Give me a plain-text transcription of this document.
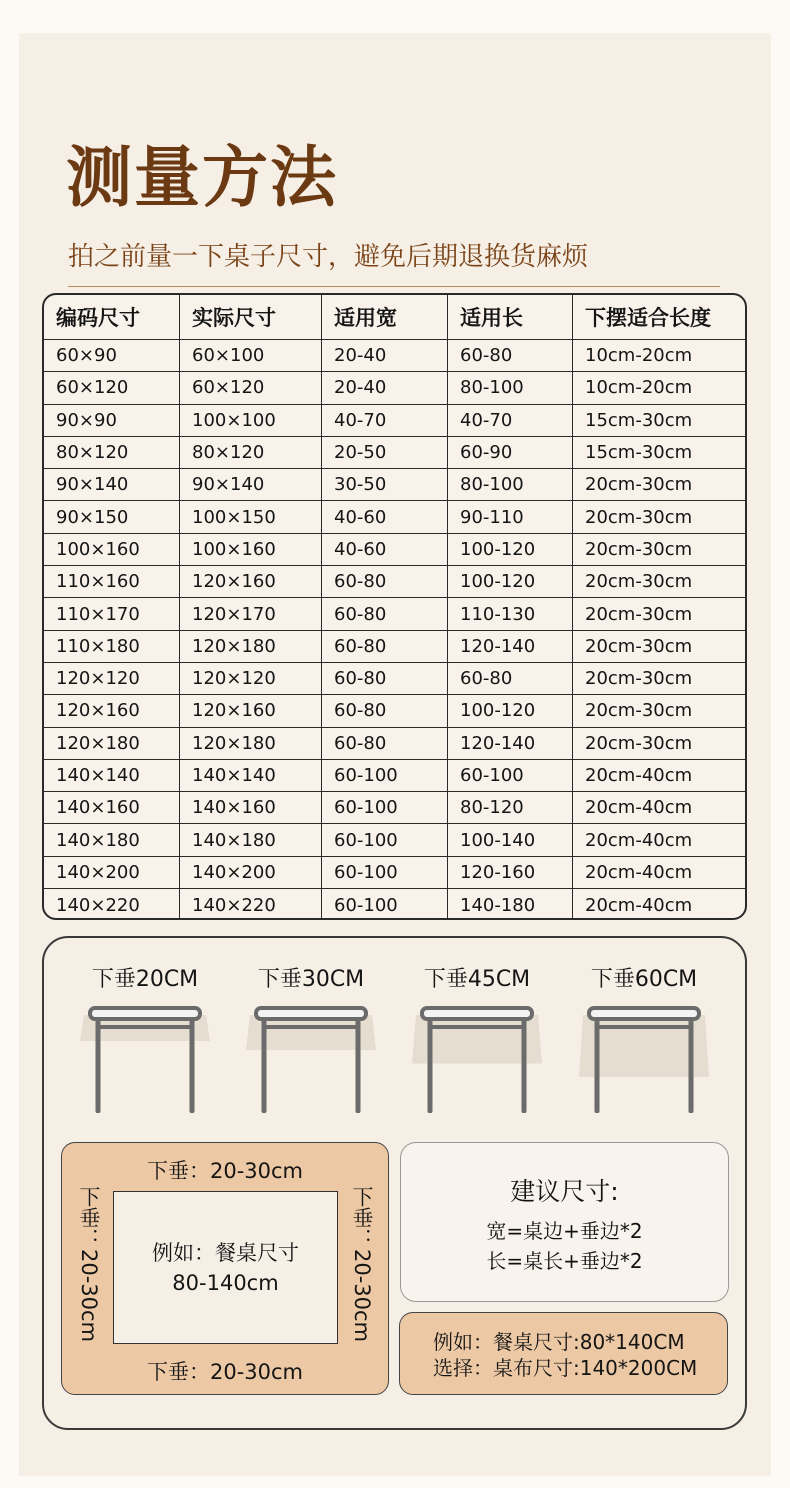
测量方法
拍之前量一下桌子尺寸，避免后期退换货麻烦
编码尺寸	实际尺寸	适用宽	适用长	下摆适合长度
60×90	60×100	20-40	60-80	10cm-20cm
60×120	60×120	20-40	80-100	10cm-20cm
90×90	100×100	40-70	40-70	15cm-30cm
80×120	80×120	20-50	60-90	15cm-30cm
90×140	90×140	30-50	80-100	20cm-30cm
90×150	100×150	40-60	90-110	20cm-30cm
100×160	100×160	40-60	100-120	20cm-30cm
110×160	120×160	60-80	100-120	20cm-30cm
110×170	120×170	60-80	110-130	20cm-30cm
110×180	120×180	60-80	120-140	20cm-30cm
120×120	120×120	60-80	60-80	20cm-30cm
120×160	120×160	60-80	100-120	20cm-30cm
120×180	120×180	60-80	120-140	20cm-30cm
140×140	140×140	60-100	60-100	20cm-40cm
140×160	140×160	60-100	80-120	20cm-40cm
140×180	140×180	60-100	100-140	20cm-40cm
140×200	140×200	60-100	120-160	20cm-40cm
140×220	140×220	60-100	140-180	20cm-40cm
下垂20CM	下垂30CM	下垂45CM	下垂60CM
下垂：20-30cm
下垂：20-30cm
下垂：20-30cm	下垂：20-30cm
例如：餐桌尺寸
80-140cm
建议尺寸:
宽=桌边+垂边*2
长=桌长+垂边*2
例如：餐桌尺寸:80*140CM
选择：桌布尺寸:140*200CM
